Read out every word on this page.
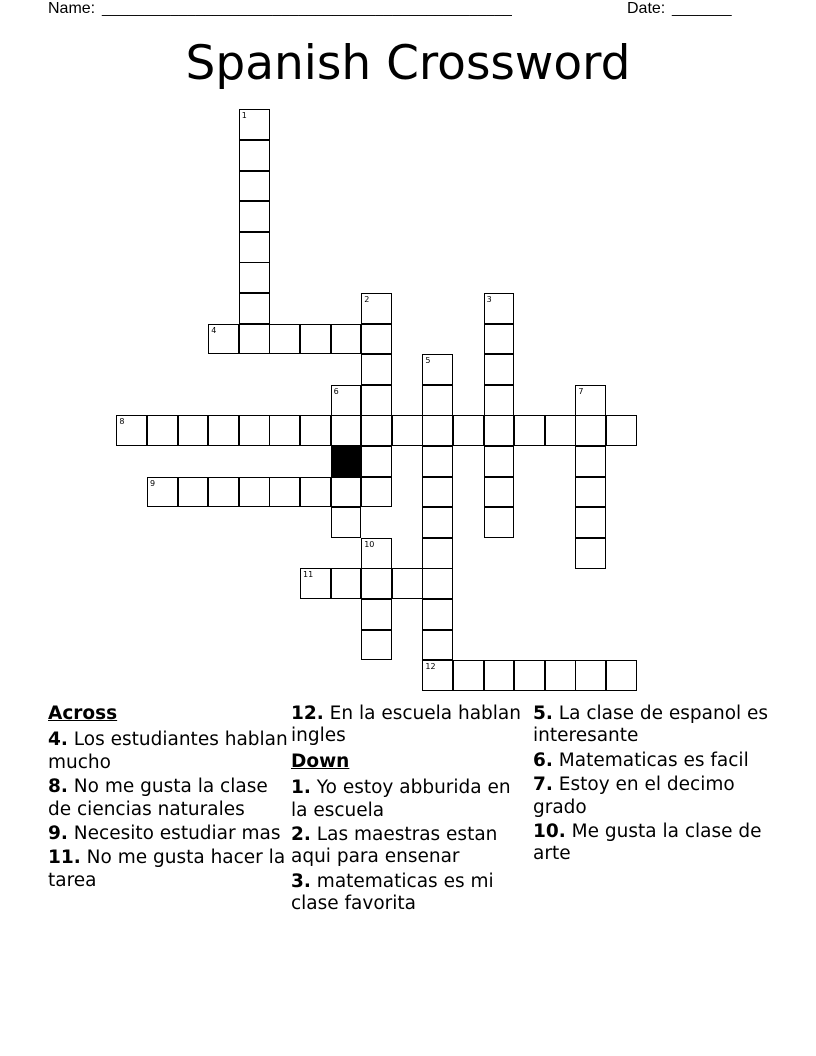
Name: ________________________________________________	Date: _______
Spanish Crossword
1
2	3
4
5
12
6	7
8
9
10
11
Across
4. Los estudiantes hablan mucho
8. No me gusta la clase de ciencias naturales
9. Necesito estudiar mas
11. No me gusta hacer la tarea
12. En la escuela hablan ingles
Down
1. Yo estoy abburida en la escuela
2. Las maestras estan aqui para ensenar
3. matematicas es mi clase favorita
5. La clase de espanol es interesante
6. Matematicas es facil
7. Estoy en el decimo grado
10. Me gusta la clase de arte
